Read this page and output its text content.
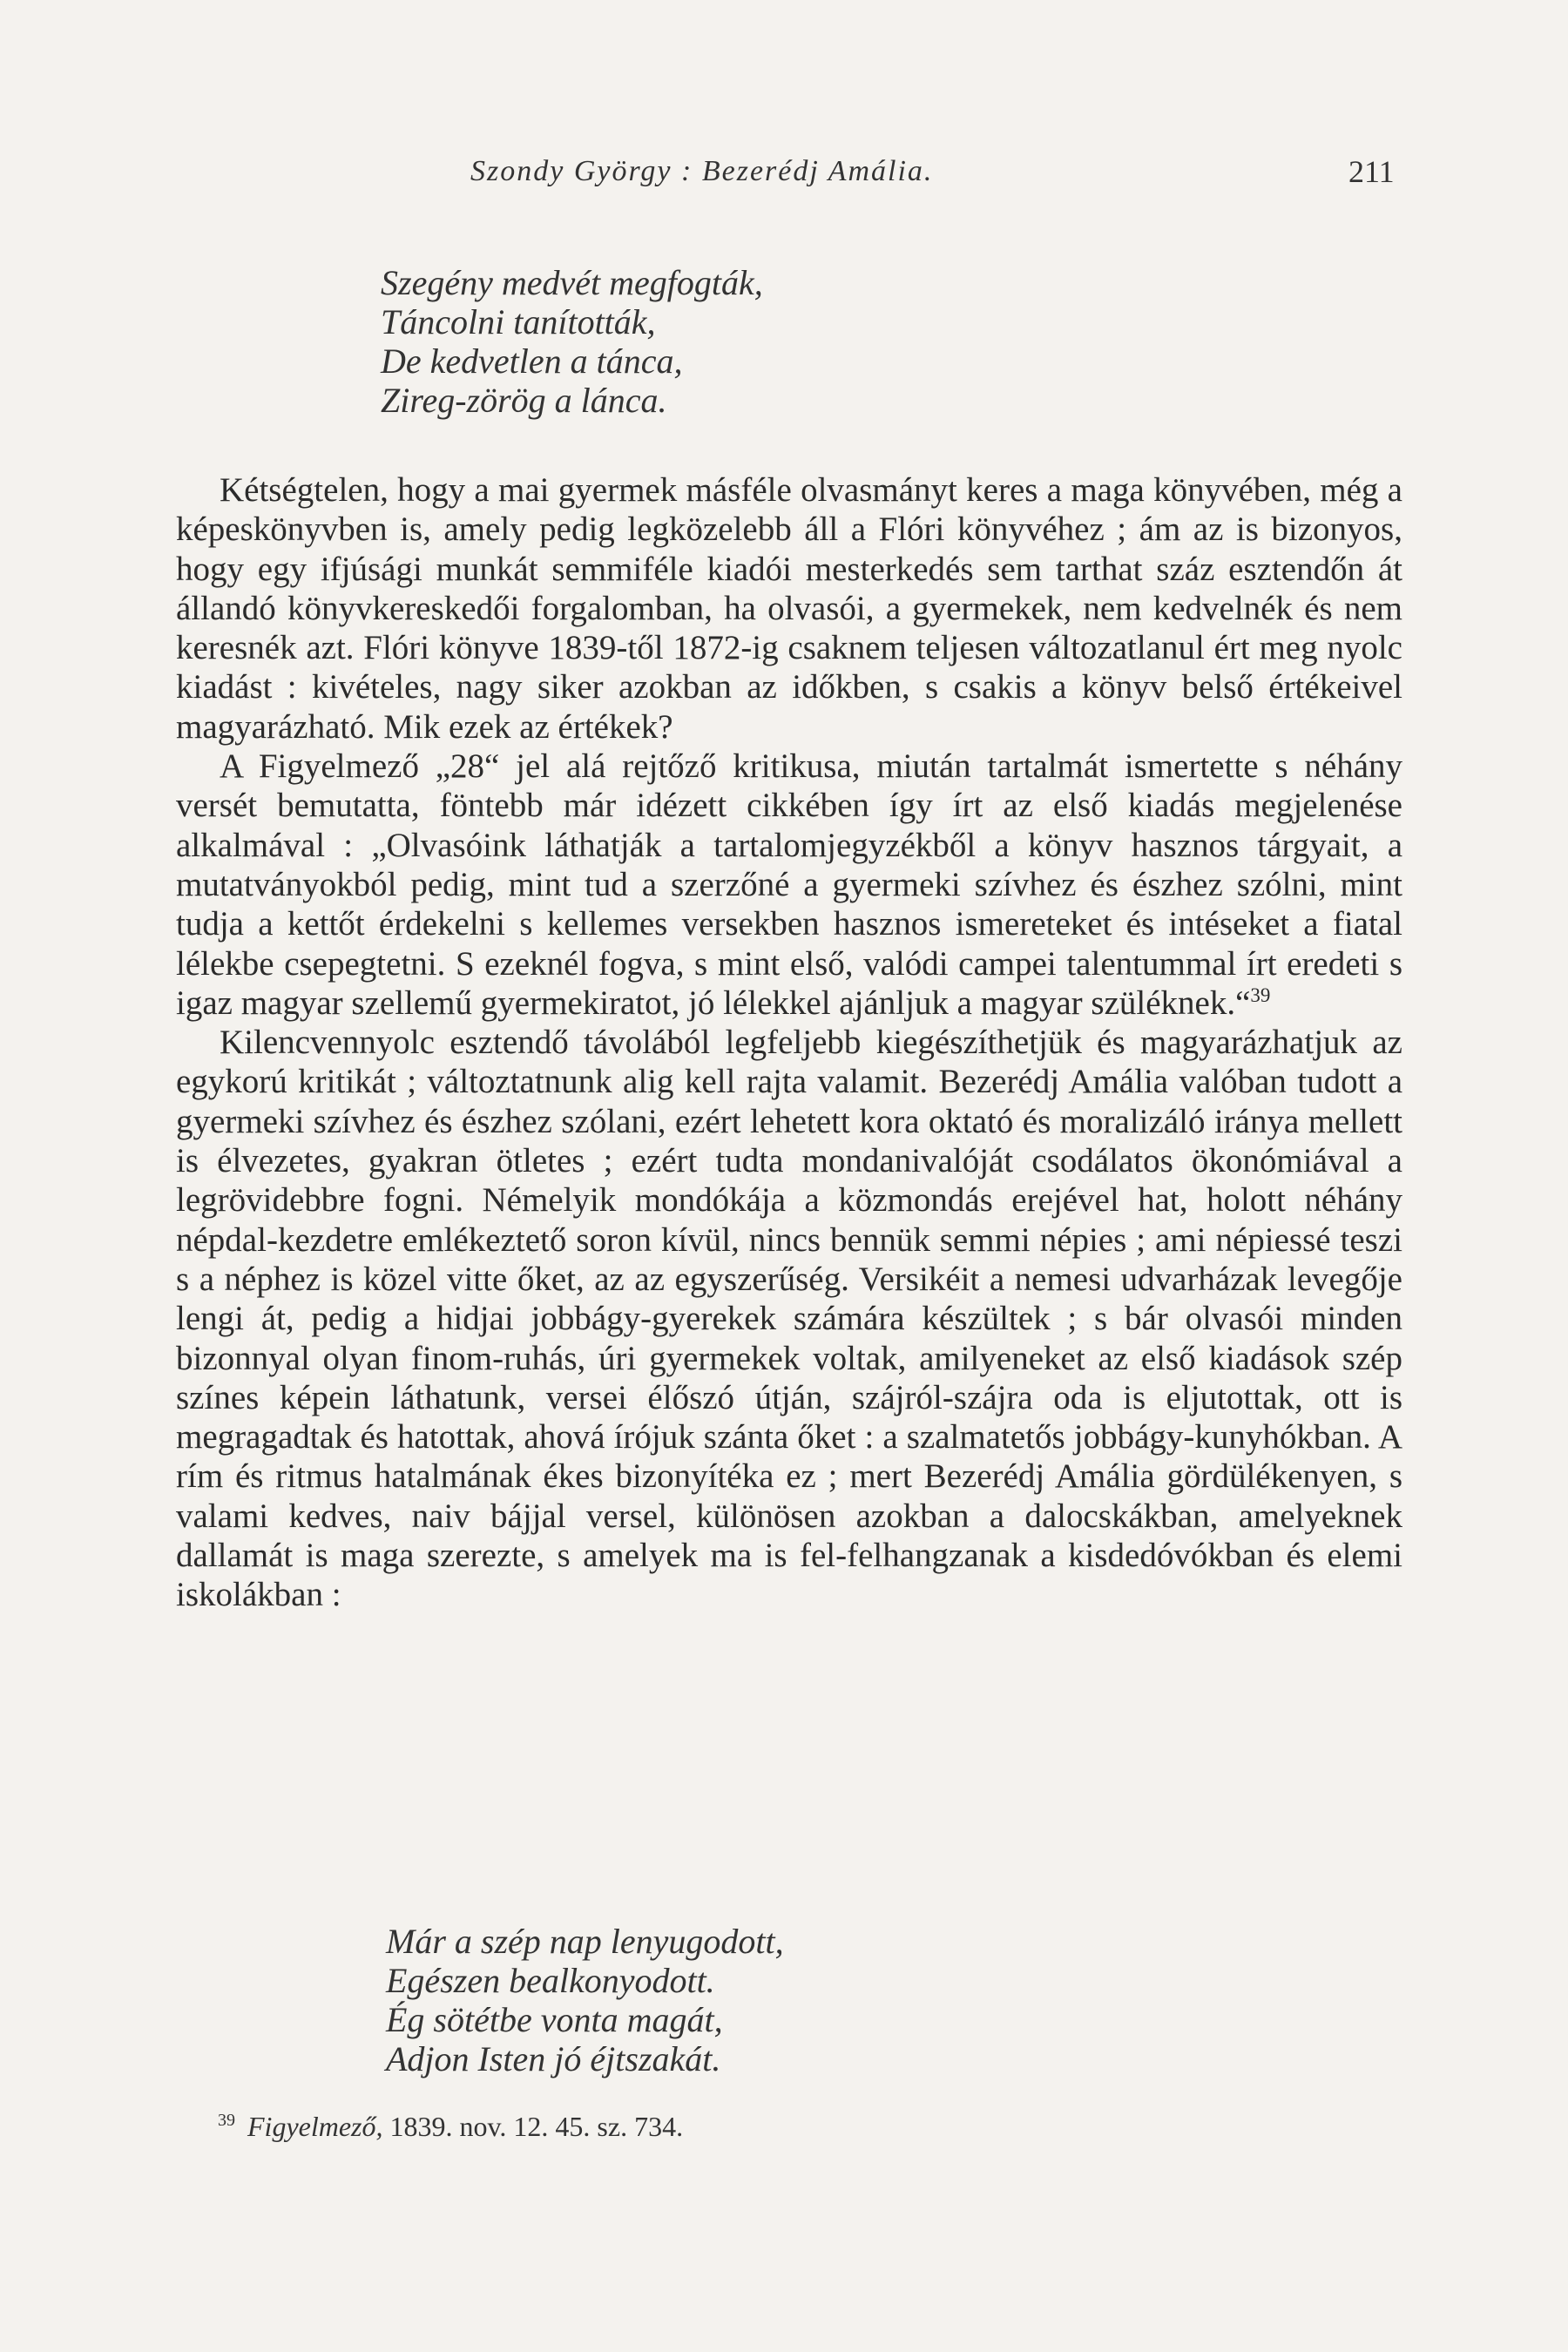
Szondy György : Bezerédj Amália.	211
Szegény medvét megfogták,
Táncolni tanították,
De kedvetlen a tánca,
Zireg-zörög a lánca.

Kétségtelen, hogy a mai gyermek másféle olvasmányt keres a maga könyvében, még a képeskönyvben is, amely pedig legközelebb áll a Flóri könyvéhez ; ám az is bizonyos, hogy egy ifjúsági munkát semmiféle kiadói mesterkedés sem tarthat száz esztendőn át állandó könyvkereskedői forgalomban, ha olvasói, a gyermekek, nem kedvelnék és nem keresnék azt. Flóri könyve 1839-től 1872-ig csaknem teljesen változatlanul ért meg nyolc kiadást : kivételes, nagy siker azokban az időkben, s csakis a könyv belső értékeivel magyarázható. Mik ezek az értékek?

A Figyelmező „28“ jel alá rejtőző kritikusa, miután tartalmát ismertette s néhány versét bemutatta, föntebb már idézett cikkében így írt az első kiadás megjelenése alkalmával : „Olvasóink láthatják a tartalomjegyzékből a könyv hasznos tárgyait, a mutatványokból pedig, mint tud a szerzőné a gyermeki szívhez és észhez szólni, mint tudja a kettőt érdekelni s kellemes versekben hasznos ismereteket és intéseket a fiatal lélekbe csepegtetni. S ezeknél fogva, s mint első, valódi campei talentummal írt eredeti s igaz magyar szellemű gyermekiratot, jó lélekkel ajánljuk a magyar szüléknek.“$^{39}$

Kilencvennyolc esztendő távolából legfeljebb kiegészíthetjük és magyarázhatjuk az egykorú kritikát ; változtatnunk alig kell rajta valamit. Bezerédj Amália valóban tudott a gyermeki szívhez és észhez szólani, ezért lehetett kora oktató és moralizáló iránya mellett is élvezetes, gyakran ötletes ; ezért tudta mondanivalóját csodálatos ökonómiával a legrövidebbre fogni. Némelyik mondókája a közmondás erejével hat, holott néhány népdal-kezdetre emlékeztető soron kívül, nincs bennük semmi népies ; ami népiessé teszi s a néphez is közel vitte őket, az az egyszerűség. Versikéit a nemesi udvarházak levegője lengi át, pedig a hidjai jobbágy-gyerekek számára készültek ; s bár olvasói minden bizonnyal olyan finom-ruhás, úri gyermekek voltak, amilyeneket az első kiadások szép színes képein láthatunk, versei élőszó útján, szájról-szájra oda is eljutottak, ott is megragadtak és hatottak, ahová írójuk szánta őket : a szalmatetős jobbágy-kunyhókban. A rím és ritmus hatalmának ékes bizonyítéka ez ; mert Bezerédj Amália gördülékenyen, s valami kedves, naiv bájjal versel, különösen azokban a dalocskákban, amelyeknek dallamát is maga szerezte, s amelyek ma is fel-felhangzanak a kisdedóvókban és elemi iskolákban :

Már a szép nap lenyugodott,
Egészen bealkonyodott.
Ég sötétbe vonta magát,
Adjon Isten jó éjtszakát.
$^{39}$ Figyelmező, 1839. nov. 12. 45. sz. 734.
